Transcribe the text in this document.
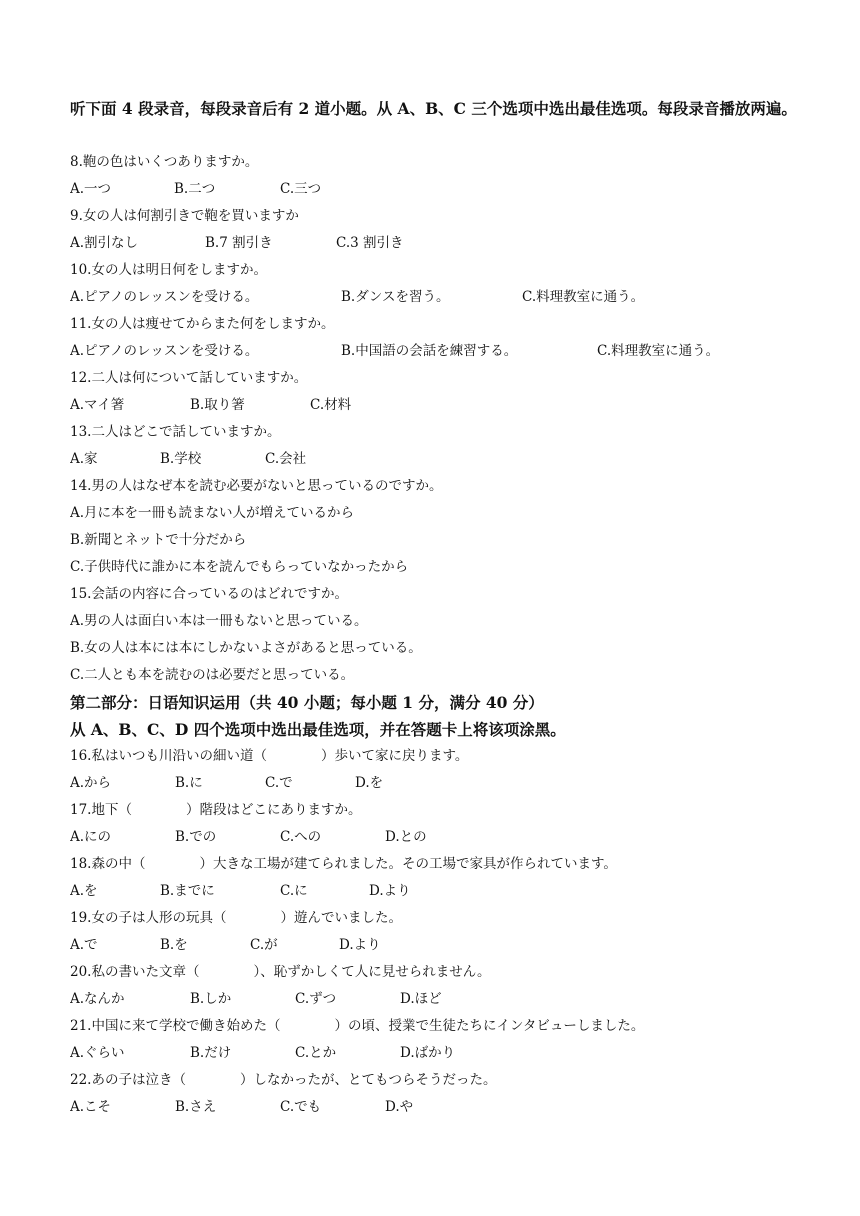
听下面 4 段录音，每段录音后有 2 道小题。从 A、B、C 三个选项中选出最佳选项。每段录音播放两遍。
8.鞄の色はいくつありますか。
A.一つ	B.二つ	C.三つ
9.女の人は何割引きで鞄を買いますか
A.割引なし	B.7 割引き	C.3 割引き
10.女の人は明日何をしますか。
A.ピアノのレッスンを受ける。	B.ダンスを習う。	C.料理教室に通う。
11.女の人は痩せてからまた何をしますか。
A.ピアノのレッスンを受ける。	B.中国語の会話を練習する。	C.料理教室に通う。
12.二人は何について話していますか。
A.マイ箸	B.取り箸	C.材料
13.二人はどこで話していますか。
A.家	B.学校	C.会社
14.男の人はなぜ本を読む必要がないと思っているのですか。
A.月に本を一冊も読まない人が増えているから
B.新聞とネットで十分だから
C.子供時代に誰かに本を読んでもらっていなかったから
15.会話の内容に合っているのはどれですか。
A.男の人は面白い本は一冊もないと思っている。
B.女の人は本には本にしかないよさがあると思っている。
C.二人とも本を読むのは必要だと思っている。
第二部分：日语知识运用（共 40 小题；每小题 1 分，满分 40 分）
从 A、B、C、D 四个选项中选出最佳选项，并在答题卡上将该项涂黑。
16.私はいつも川沿いの細い道（　　　　）歩いて家に戻ります。
A.から	B.に	C.で	D.を
17.地下（　　　　）階段はどこにありますか。
A.にの	B.での	C.への	D.との
18.森の中（　　　　）大きな工場が建てられました。その工場で家具が作られています。
A.を	B.までに	C.に	D.より
19.女の子は人形の玩具（　　　　）遊んでいました。
A.で	B.を	C.が	D.より
20.私の書いた文章（　　　　）、恥ずかしくて人に見せられません。
A.なんか	B.しか	C.ずつ	D.ほど
21.中国に来て学校で働き始めた（　　　　）の頃、授業で生徒たちにインタビューしました。
A.ぐらい	B.だけ	C.とか	D.ばかり
22.あの子は泣き（　　　　）しなかったが、とてもつらそうだった。
A.こそ	B.さえ	C.でも	D.や
